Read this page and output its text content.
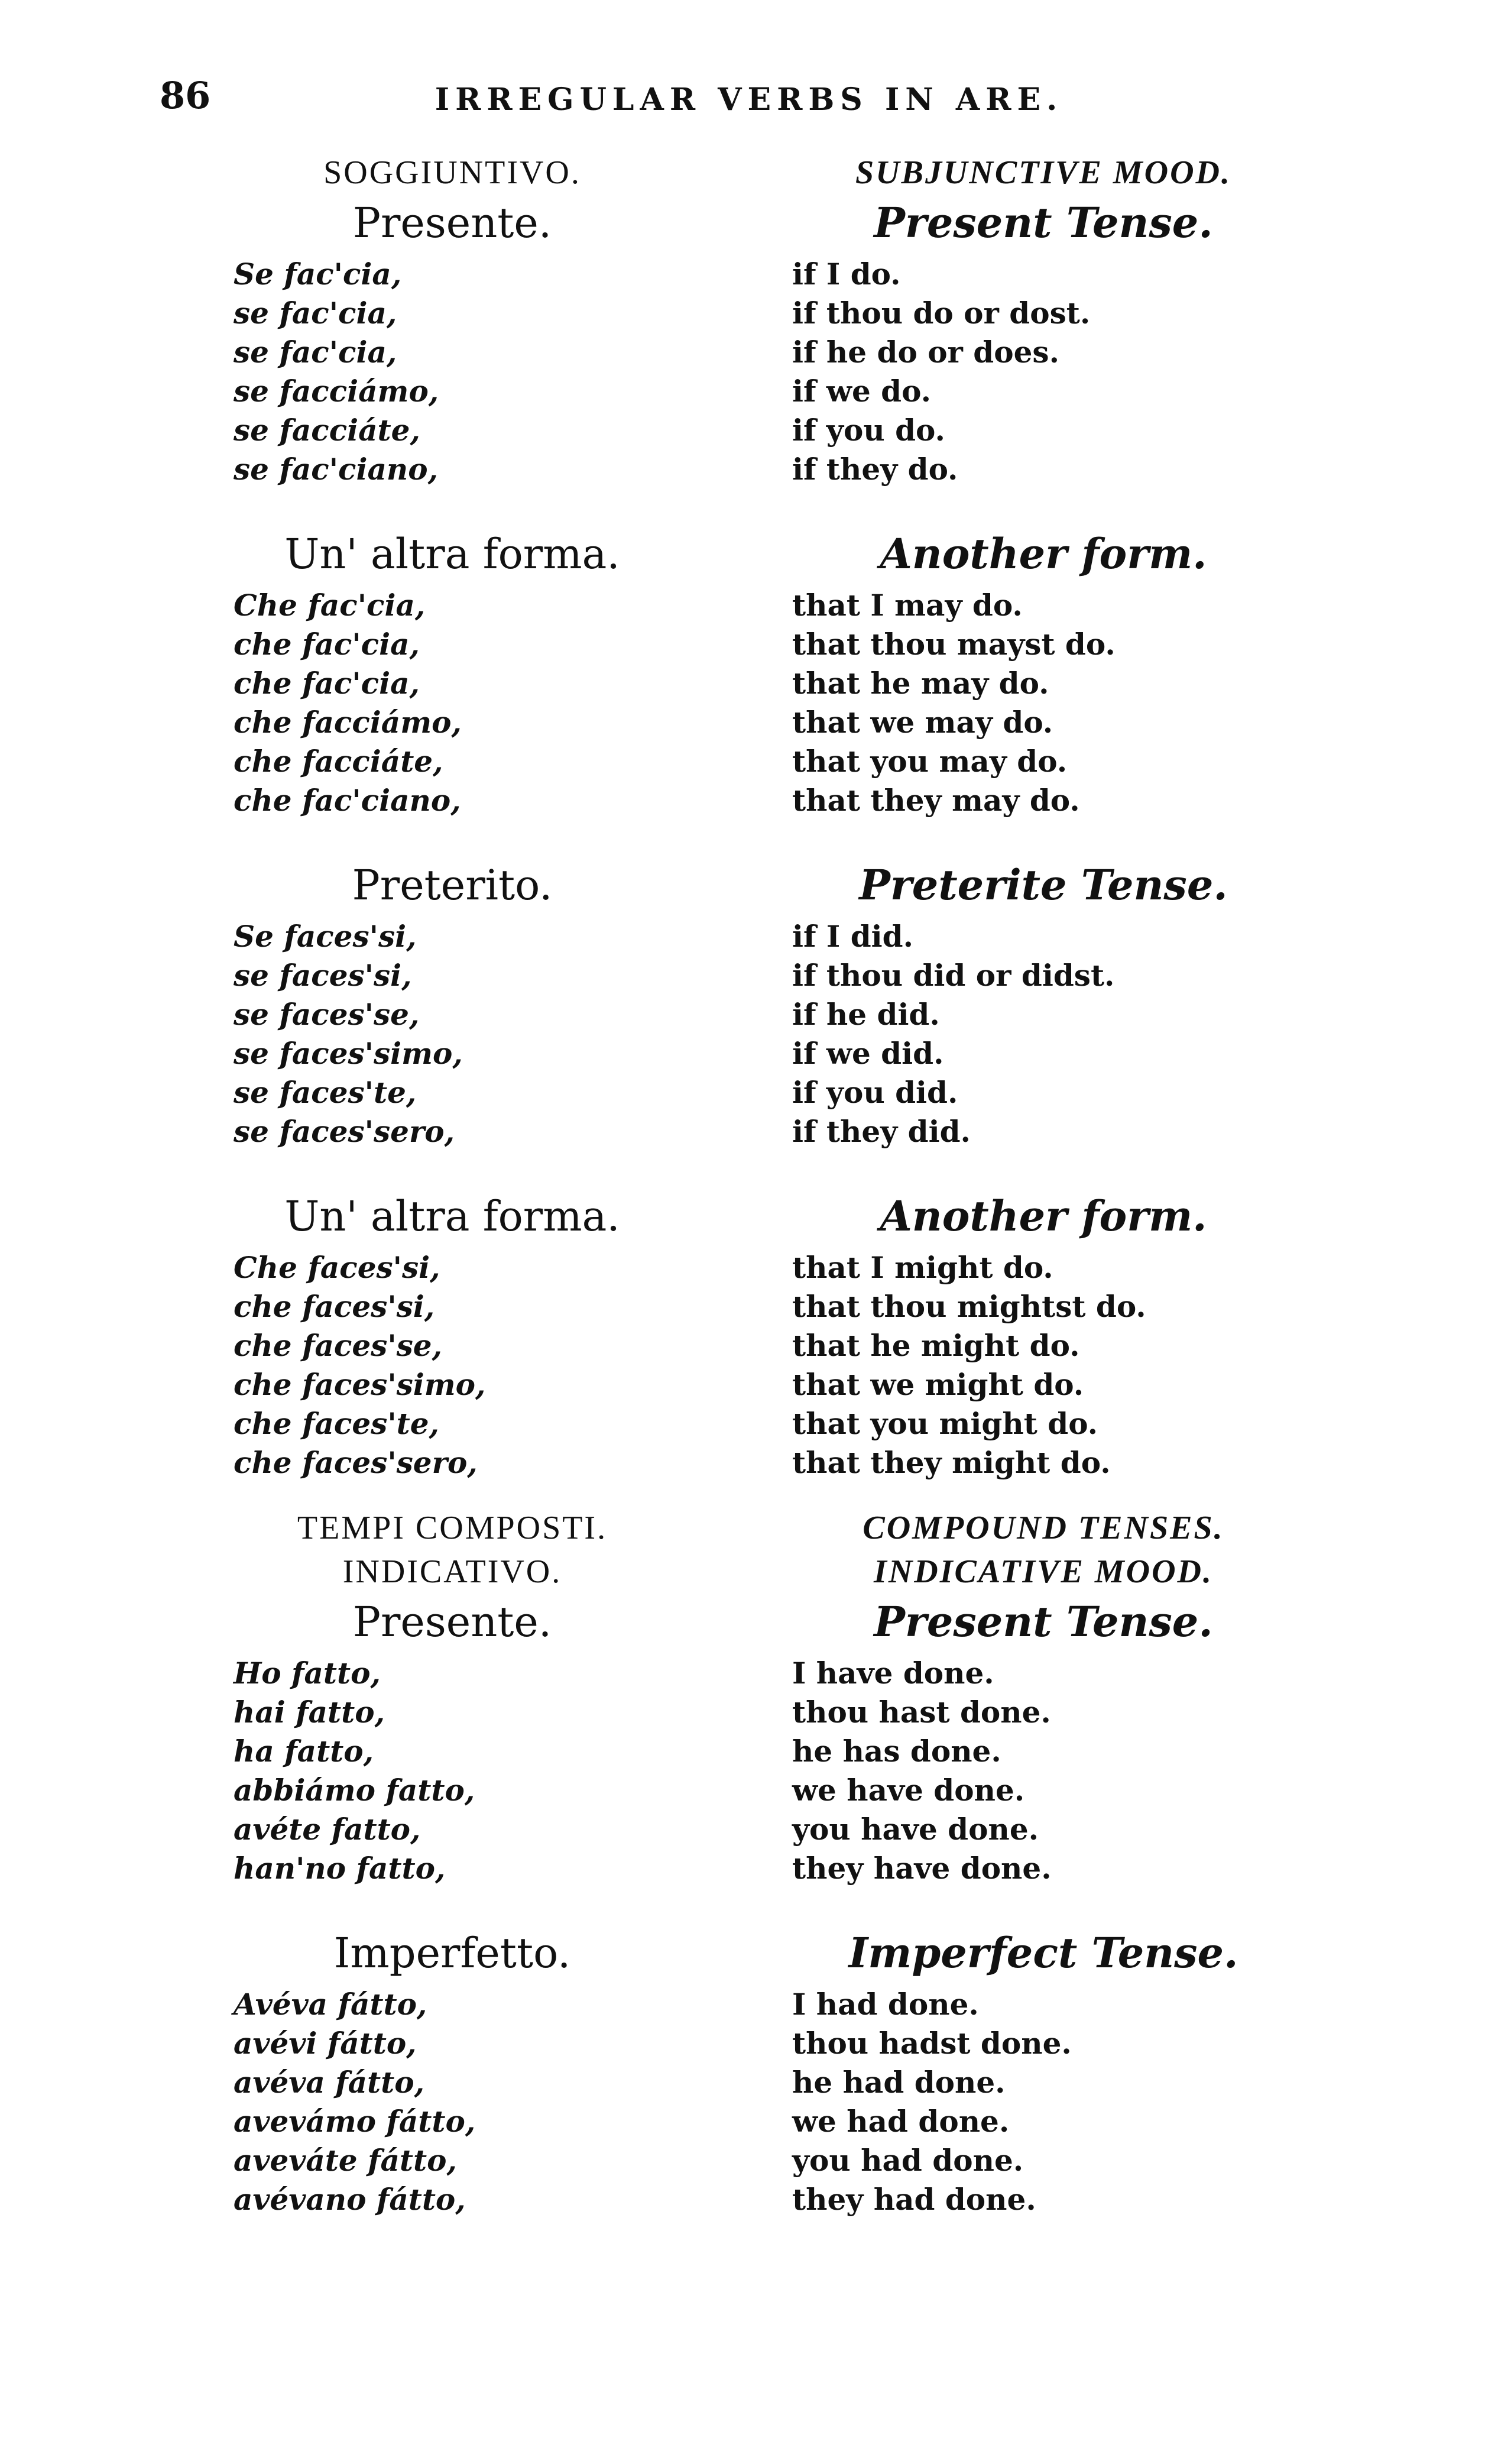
86	IRREGULAR VERBS IN ARE.
SOGGIUNTIVO.
Presente.
Se fac'cia,
se fac'cia,
se fac'cia,
se facciámo,
se facciáte,
se fac'ciano,
Un' altra forma.
Che fac'cia,
che fac'cia,
che fac'cia,
che facciámo,
che facciáte,
che fac'ciano,
Preterito.
Se faces'si,
se faces'si,
se faces'se,
se faces'simo,
se faces'te,
se faces'sero,
Un' altra forma.
Che faces'si,
che faces'si,
che faces'se,
che faces'simo,
che faces'te,
che faces'sero,
TEMPI COMPOSTI.
INDICATIVO.
Presente.
Ho fatto,
hai fatto,
ha fatto,
abbiámo fatto,
avéte fatto,
han'no fatto,
Imperfetto.
Avéva fátto,
avévi fátto,
avéva fátto,
avevámo fátto,
aveváte fátto,
avévano fátto,
SUBJUNCTIVE MOOD.
Present Tense.
if I do.
if thou do or dost.
if he do or does.
if we do.
if you do.
if they do.
Another form.
that I may do.
that thou mayst do.
that he may do.
that we may do.
that you may do.
that they may do.
Preterite Tense.
if I did.
if thou did or didst.
if he did.
if we did.
if you did.
if they did.
Another form.
that I might do.
that thou mightst do.
that he might do.
that we might do.
that you might do.
that they might do.
COMPOUND TENSES.
INDICATIVE MOOD.
Present Tense.
I have done.
thou hast done.
he has done.
we have done.
you have done.
they have done.
Imperfect Tense.
I had done.
thou hadst done.
he had done.
we had done.
you had done.
they had done.
